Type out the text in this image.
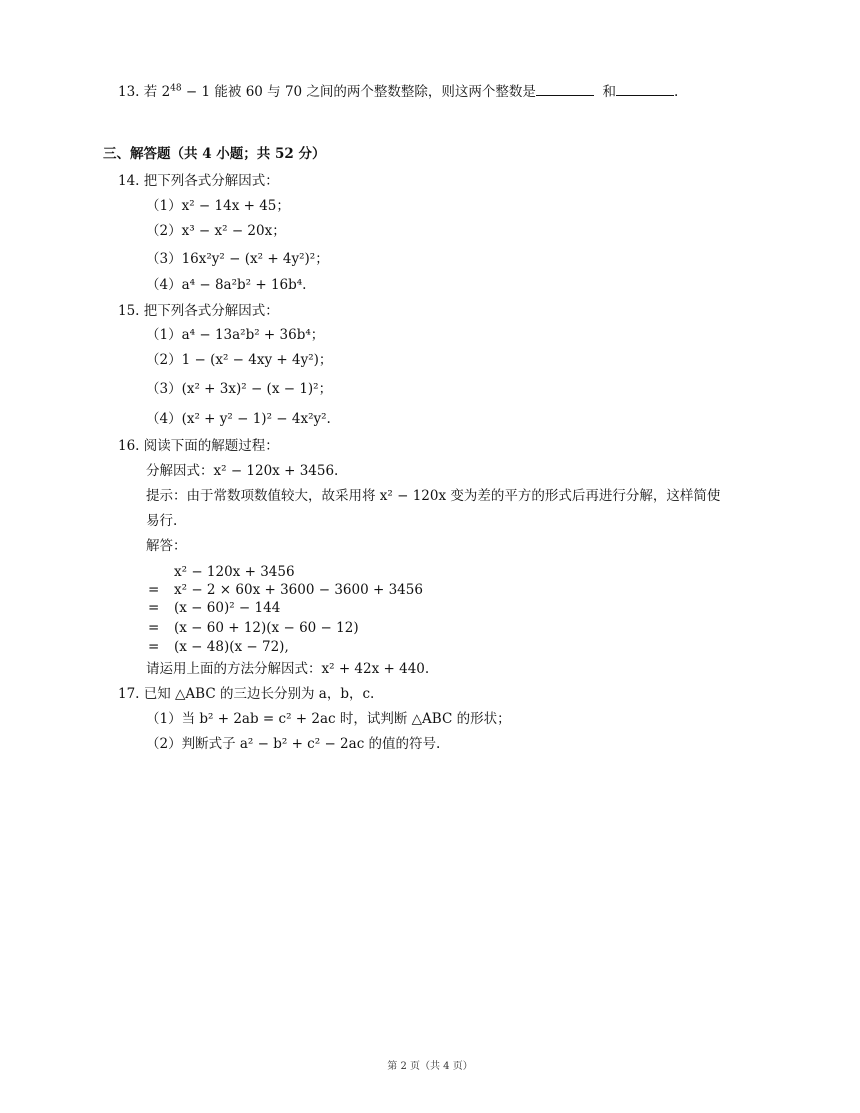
13. 若 $2^{48} - 1$ 能被 60 与 70 之间的两个整数整除，则这两个整数是	和	.
三、解答题（共 4 小题；共 52 分）
14. 把下列各式分解因式：
（1）x² − 14x + 45；
（2）x³ − x² − 20x；
（3）16x²y² − (x² + 4y²)²；
（4）a⁴ − 8a²b² + 16b⁴.
15. 把下列各式分解因式：
（1）a⁴ − 13a²b² + 36b⁴；
（2）1 − (x² − 4xy + 4y²)；
（3）(x² + 3x)² − (x − 1)²；
（4）(x² + y² − 1)² − 4x²y².
16. 阅读下面的解题过程：
分解因式：x² − 120x + 3456.
提示：由于常数项数值较大，故采用将 x² − 120x 变为差的平方的形式后再进行分解，这样简使
易行.
解答：
x² − 120x + 3456
= x² − 2 × 60x + 3600 − 3600 + 3456
= (x − 60)² − 144
= (x − 60 + 12)(x − 60 − 12)
= (x − 48)(x − 72),
请运用上面的方法分解因式：x² + 42x + 440.
17. 已知 △ABC 的三边长分别为 a，b，c.
（1）当 b² + 2ab = c² + 2ac 时，试判断 △ABC 的形状；
（2）判断式子 a² − b² + c² − 2ac 的值的符号.
第 2 页（共 4 页）
